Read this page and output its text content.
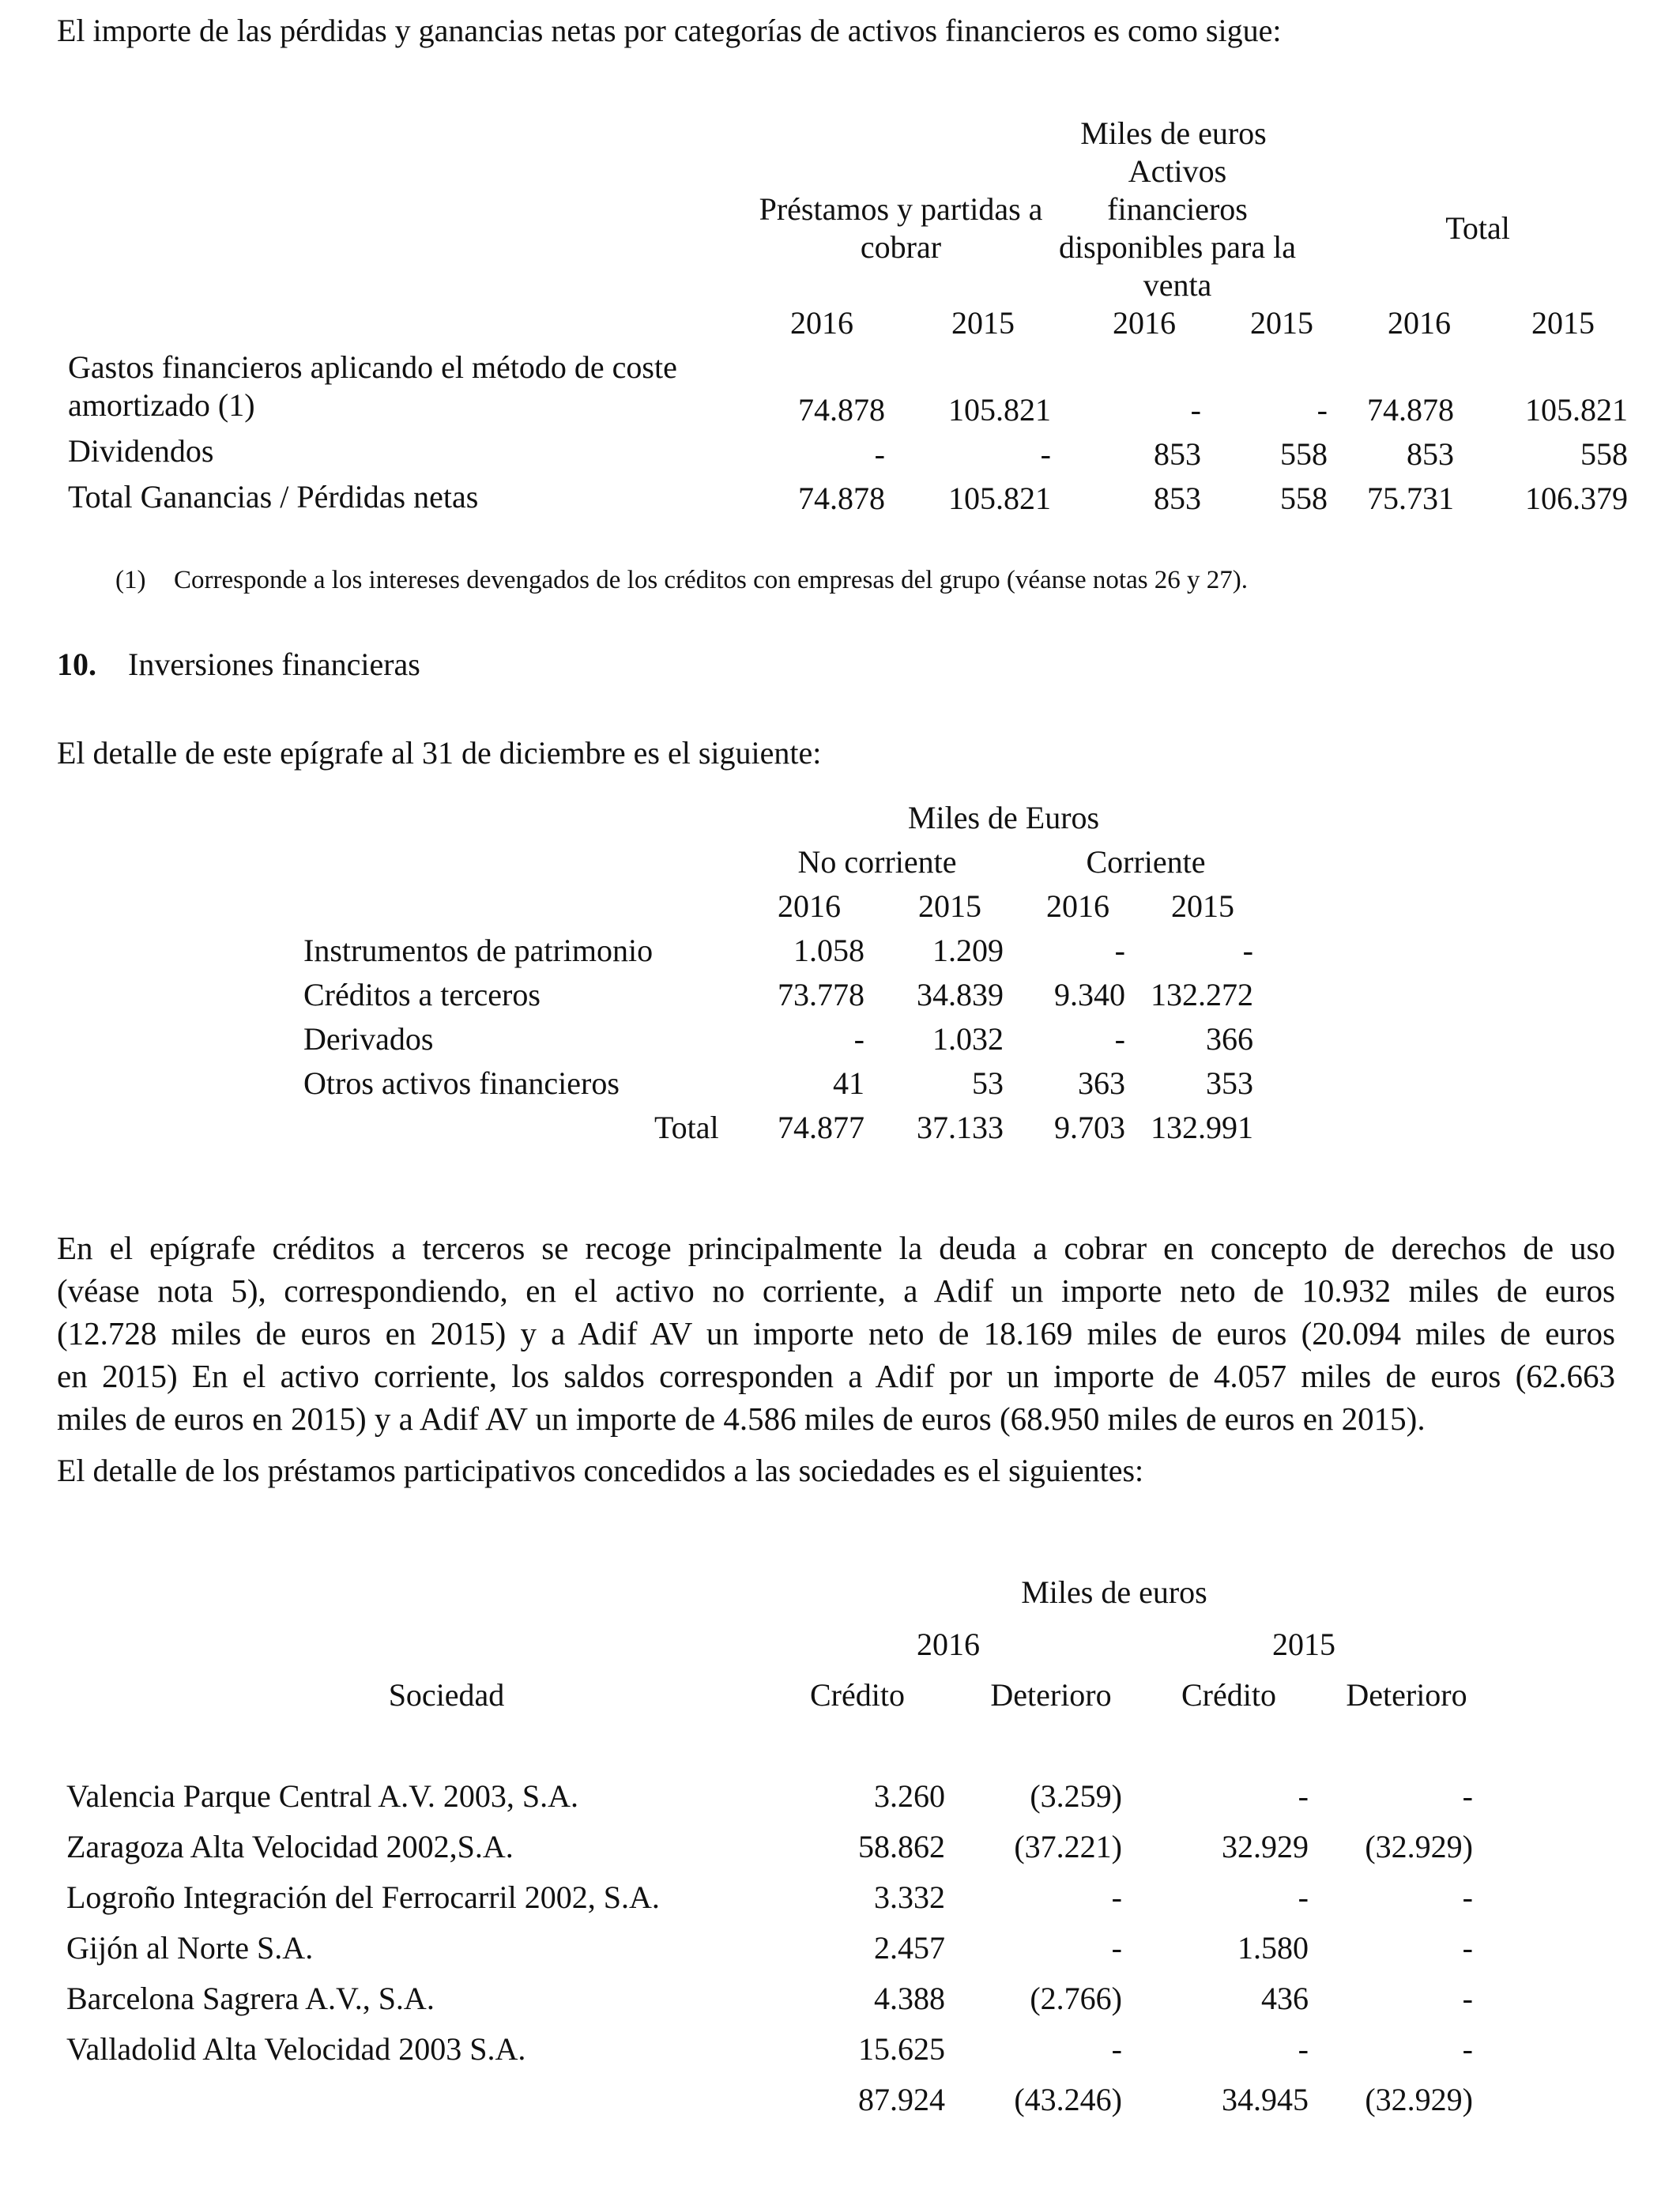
El importe de las pérdidas y ganancias netas por categorías de activos financieros es como sigue:
Miles de euros
Préstamos y partidas a
cobrar
Activos
financieros
disponibles para la
venta
Total
2016	2015	2016	2015	2016	2015
Gastos financieros aplicando el método de coste
amortizado (1)	74.878	105.821	-	-	74.878	105.821
Dividendos	-	-	853	558	853	558
Total Ganancias / Pérdidas netas	74.878	105.821	853	558	75.731	106.379
(1) Corresponde a los intereses devengados de los créditos con empresas del grupo (véanse notas 26 y 27).
10. Inversiones financieras
El detalle de este epígrafe al 31 de diciembre es el siguiente:
Miles de Euros
No corriente	Corriente
2016	2015	2016	2015
Instrumentos de patrimonio	1.058	1.209	-	-
Créditos a terceros	73.778	34.839	9.340 132.272
Derivados	-	1.032	-	366
Otros activos financieros	41	53	363	353
Total	74.877	37.133	9.703 132.991
En el epígrafe créditos a terceros se recoge principalmente la deuda a cobrar en concepto de derechos de uso
(véase nota 5), correspondiendo, en el activo no corriente, a Adif un importe neto de 10.932 miles de euros
(12.728 miles de euros en 2015) y a Adif AV un importe neto de 18.169 miles de euros (20.094 miles de euros
en 2015) En el activo corriente, los saldos corresponden a Adif por un importe de 4.057 miles de euros (62.663
miles de euros en 2015) y a Adif AV un importe de 4.586 miles de euros (68.950 miles de euros en 2015).
El detalle de los préstamos participativos concedidos a las sociedades es el siguientes:
Miles de euros
2016	2015
Sociedad	Crédito	Deterioro	Crédito	Deterioro
Valencia Parque Central A.V. 2003, S.A.	3.260	(3.259)	-	-
Zaragoza Alta Velocidad 2002,S.A.	58.862	(37.221)	32.929	(32.929)
Logroño Integración del Ferrocarril 2002, S.A.	3.332	-	-	-
Gijón al Norte S.A.	2.457	-	1.580	-
Barcelona Sagrera A.V., S.A.	4.388	(2.766)	436	-
Valladolid Alta Velocidad 2003 S.A.	15.625	-	-	-
87.924	(43.246)	34.945	(32.929)
